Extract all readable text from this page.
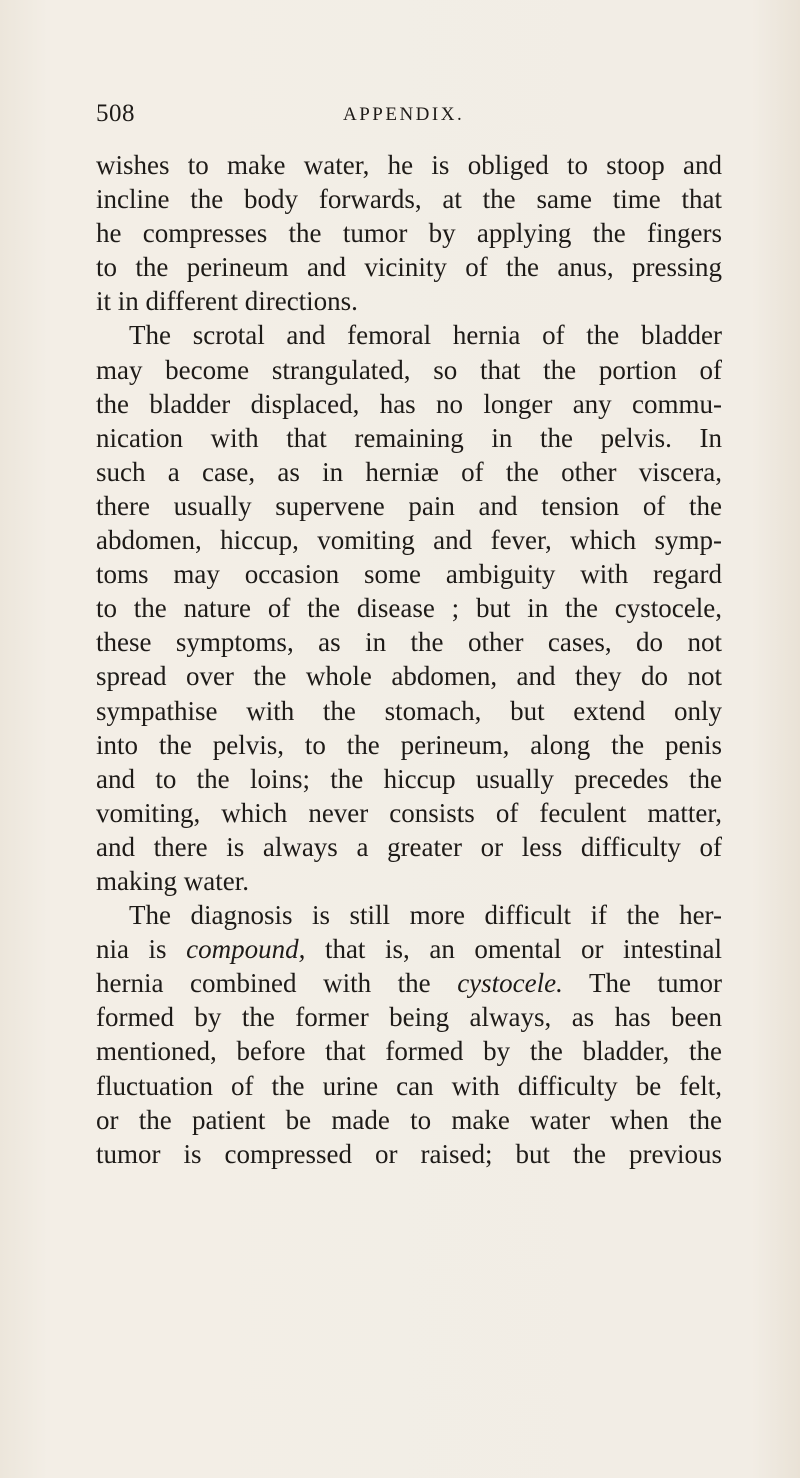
508	APPENDIX.
wishes to make water, he is obliged to stoop and
incline the body forwards, at the same time that
he compresses the tumor by applying the fingers
to the perineum and vicinity of the anus, pressing
it in different directions.
The scrotal and femoral hernia of the bladder
may become strangulated, so that the portion of
the bladder displaced, has no longer any commu-
nication with that remaining in the pelvis. In
such a case, as in herniæ of the other viscera,
there usually supervene pain and tension of the
abdomen, hiccup, vomiting and fever, which symp-
toms may occasion some ambiguity with regard
to the nature of the disease ; but in the cystocele,
these symptoms, as in the other cases, do not
spread over the whole abdomen, and they do not
sympathise with the stomach, but extend only
into the pelvis, to the perineum, along the penis
and to the loins; the hiccup usually precedes the
vomiting, which never consists of feculent matter,
and there is always a greater or less difficulty of
making water.
The diagnosis is still more difficult if the her-
nia is compound, that is, an omental or intestinal
hernia combined with the cystocele. The tumor
formed by the former being always, as has been
mentioned, before that formed by the bladder, the
fluctuation of the urine can with difficulty be felt,
or the patient be made to make water when the
tumor is compressed or raised; but the previous
